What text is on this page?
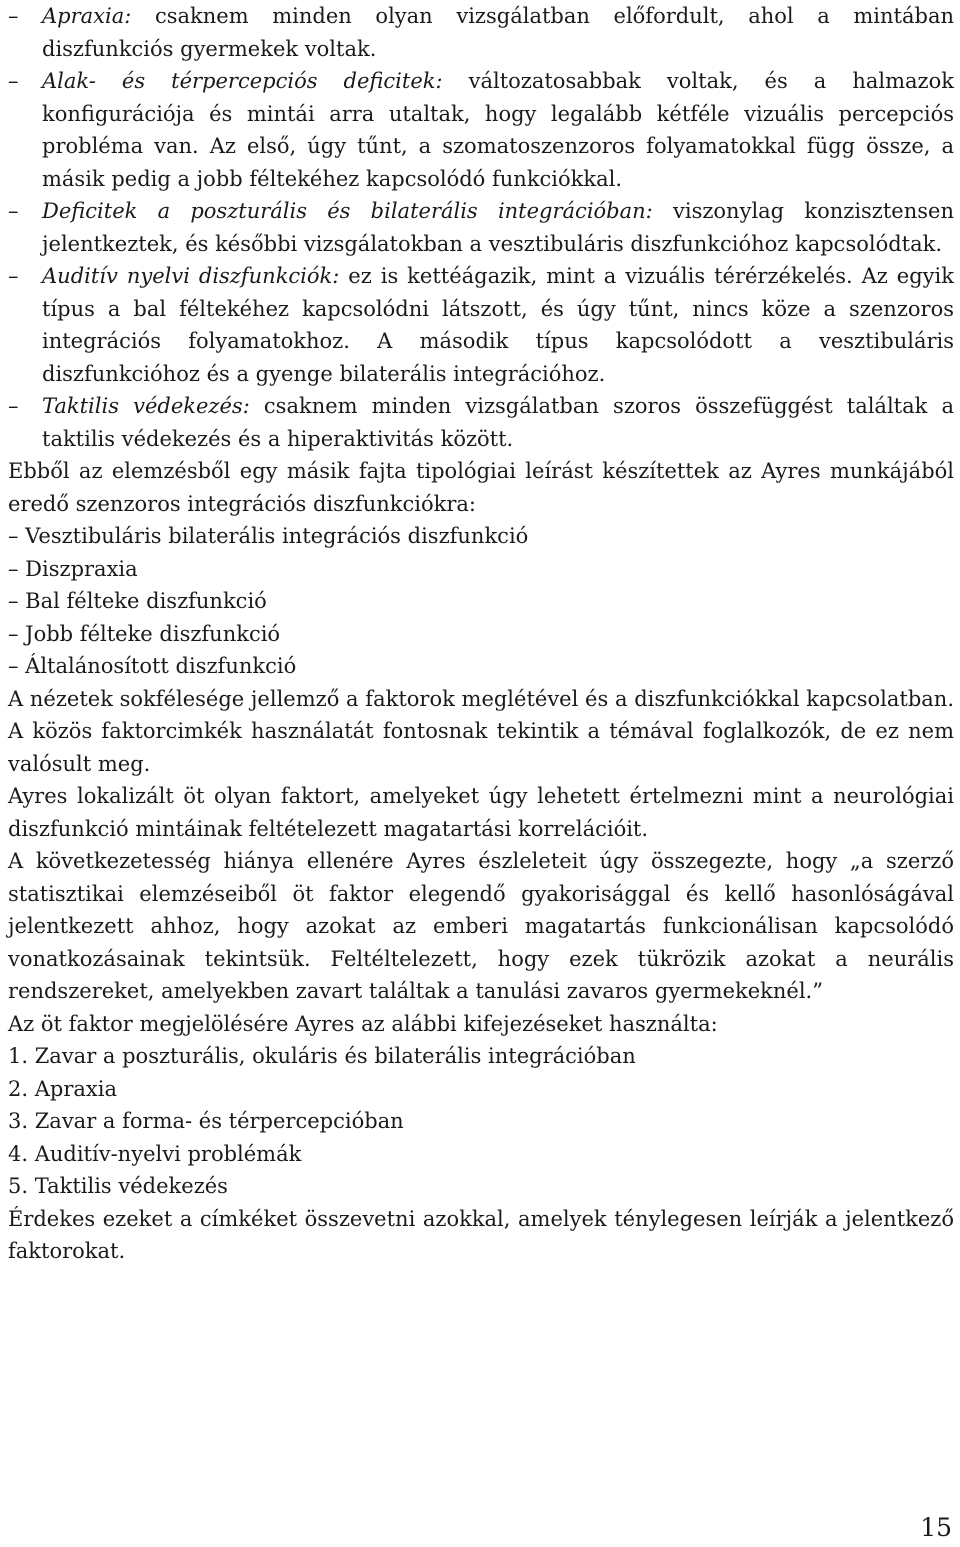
– Apraxia: csaknem minden olyan vizsgálatban előfordult, ahol a mintában diszfunkciós gyermekek voltak.
– Alak- és térpercepciós deficitek: változatosabbak voltak, és a halmazok konfigurációja és mintái arra utaltak, hogy legalább kétféle vizuális percepciós probléma van. Az első, úgy tűnt, a szomatoszenzoros folyamatokkal függ össze, a másik pedig a jobb féltekéhez kapcsolódó funkciókkal.
– Deficitek a poszturális és bilaterális integrációban: viszonylag konzisztensen jelentkeztek, és későbbi vizsgálatokban a vesztibuláris diszfunkcióhoz kapcsolódtak.
– Auditív nyelvi diszfunkciók: ez is kettéágazik, mint a vizuális térérzékelés. Az egyik típus a bal féltekéhez kapcsolódni látszott, és úgy tűnt, nincs köze a szenzoros integrációs folyamatokhoz. A második típus kapcsolódott a vesztibuláris diszfunkcióhoz és a gyenge bilaterális integrációhoz.
– Taktilis védekezés: csaknem minden vizsgálatban szoros összefüggést találtak a taktilis védekezés és a hiperaktivitás között.

Ebből az elemzésből egy másik fajta tipológiai leírást készítettek az Ayres munkájából eredő szenzoros integrációs diszfunkciókra:

– Vesztibuláris bilaterális integrációs diszfunkció
– Diszpraxia
– Bal félteke diszfunkció
– Jobb félteke diszfunkció
– Általánosított diszfunkció

A nézetek sokfélesége jellemző a faktorok meglétével és a diszfunkciókkal kapcsolatban. A közös faktorcimkék használatát fontosnak tekintik a témával foglalkozók, de ez nem valósult meg.

Ayres lokalizált öt olyan faktort, amelyeket úgy lehetett értelmezni mint a neurológiai diszfunkció mintáinak feltételezett magatartási korrelációit.

A következetesség hiánya ellenére Ayres észleleteit úgy összegezte, hogy „a szerző statisztikai elemzéseiből öt faktor elegendő gyakorisággal és kellő hasonlóságával jelentkezett ahhoz, hogy azokat az emberi magatartás funkcionálisan kapcsolódó vonatkozásainak tekintsük. Feltéltelezett, hogy ezek tükrözik azokat a neurális rendszereket, amelyekben zavart találtak a tanulási zavaros gyermekeknél.”

Az öt faktor megjelölésére Ayres az alábbi kifejezéseket használta:

1. Zavar a poszturális, okuláris és bilaterális integrációban
2. Apraxia
3. Zavar a forma- és térpercepcióban
4. Auditív-nyelvi problémák
5. Taktilis védekezés

Érdekes ezeket a címkéket összevetni azokkal, amelyek ténylegesen leírják a jelentkező faktorokat.

15
